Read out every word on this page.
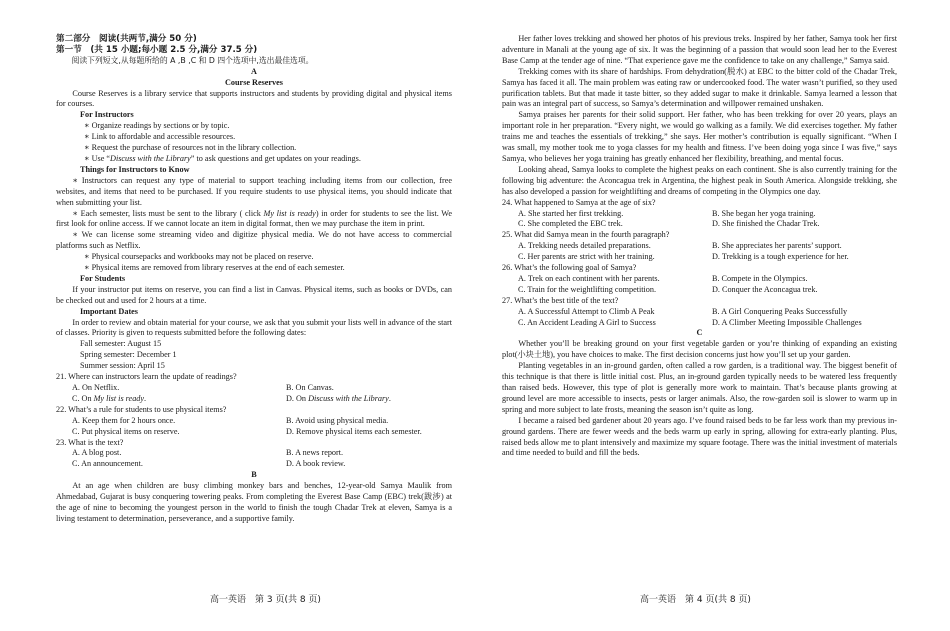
第二部分　阅读(共两节,满分 50 分)

第一节　(共 15 小题;每小题 2.5 分,满分 37.5 分)

阅读下列短文,从每题所给的 A ,B ,C 和 D 四个选项中,选出最佳选项。

A

Course Reserves

Course Reserves is a library service that supports instructors and students by providing digital and physical items for courses.

For Instructors

∗ Organize readings by sections or by topic.

∗ Link to affordable and accessible resources.

∗ Request the purchase of resources not in the library collection.

∗ Use “Discuss with the Library” to ask questions and get updates on your readings.

Things for Instructors to Know

∗ Instructors can request any type of material to support teaching including items from our collection, free websites, and items that need to be purchased. If you require students to use physical items, you should indicate that when submitting your list.

∗ Each semester, lists must be sent to the library ( click My list is ready) in order for students to see the list. We first look for online access. If we cannot locate an item in digital format, then we may purchase the item in print.

∗ We can license some streaming video and digitize physical media. We do not have access to commercial platforms such as Netflix.

∗ Physical coursepacks and workbooks may not be placed on reserve.

∗ Physical items are removed from library reserves at the end of each semester.

For Students

If your instructor put items on reserve, you can find a list in Canvas. Physical items, such as books or DVDs, can be checked out and used for 2 hours at a time.

Important Dates

In order to review and obtain material for your course, we ask that you submit your lists well in advance of the start of classes. Priority is given to requests submitted before the following dates:

Fall semester: August 15

Spring semester: December 1

Summer session: April 15

21. Where can instructors learn the update of readings?

A. On Netflix.	B. On Canvas.
C. On My list is ready.	D. On Discuss with the Library.

22. What’s a rule for students to use physical items?

A. Keep them for 2 hours once.	B. Avoid using physical media.
C. Put physical items on reserve.	D. Remove physical items each semester.

23. What is the text?

A. A blog post.	B. A news report.
C. An announcement.	D. A book review.

B

At an age when children are busy climbing monkey bars and benches, 12-year-old Samya Maulik from Ahmedabad, Gujarat is busy conquering towering peaks. From completing the Everest Base Camp (EBC) trek(跋涉) at the age of nine to becoming the youngest person in the world to finish the tough Chadar Trek at eleven, Samya is a living testament to determination, perseverance, and a supportive family.

Her father loves trekking and showed her photos of his previous treks. Inspired by her father, Samya took her first adventure in Manali at the young age of six. It was the beginning of a passion that would soon lead her to the Everest Base Camp at the tender age of nine. “That experience gave me the confidence to take on any challenge,” Samya said.

Trekking comes with its share of hardships. From dehydration(脱水) at EBC to the bitter cold of the Chadar Trek, Samya has faced it all. The main problem was eating raw or undercooked food. The water wasn’t purified, so they used purification tablets. But that made it taste bitter, so they added sugar to make it drinkable. Samya learned a lesson that pain was an integral part of success, so Samya’s determination and willpower remained unshaken.

Samya praises her parents for their solid support. Her father, who has been trekking for over 20 years, plays an important role in her preparation. “Every night, we would go walking as a family. We did exercises together. My father trains me and teaches the essentials of trekking,” she says. Her mother’s contribution is equally significant. “When I was small, my mother took me to yoga classes for my health and fitness. I’ve been doing yoga since I was five,” says Samya, who believes her yoga training has greatly enhanced her flexibility, breathing, and mental focus.

Looking ahead, Samya looks to complete the highest peaks on each continent. She is also currently training for the following big adventure: the Aconcagua trek in Argentina, the highest peak in South America. Alongside trekking, she has also developed a passion for weightlifting and dreams of competing in the Olympics one day.

24. What happened to Samya at the age of six?

A. She started her first trekking.	B. She began her yoga training.
C. She completed the EBC trek.	D. She finished the Chadar Trek.

25. What did Samya mean in the fourth paragraph?

A. Trekking needs detailed preparations.	B. She appreciates her parents’ support.
C. Her parents are strict with her training.	D. Trekking is a tough experience for her.

26. What’s the following goal of Samya?

A. Trek on each continent with her parents.	B. Compete in the Olympics.
C. Train for the weightlifting competition.	D. Conquer the Aconcagua trek.

27. What’s the best title of the text?

A. A Successful Attempt to Climb A Peak	B. A Girl Conquering Peaks Successfully
C. An Accident Leading A Girl to Success	D. A Climber Meeting Impossible Challenges

C

Whether you’ll be breaking ground on your first vegetable garden or you’re thinking of expanding an existing plot(小块土地), you have choices to make. The first decision concerns just how you’ll set up your garden.

Planting vegetables in an in-ground garden, often called a row garden, is a traditional way. The biggest benefit of this technique is that there is little initial cost. Plus, an in-ground garden typically needs to be watered less frequently than raised beds. However, this type of plot is generally more work to maintain. That’s because plants growing at ground level are more accessible to insects, pests or larger animals. Also, the row-garden soil is slower to warm up in spring and more subject to late frosts, meaning the season isn’t quite as long.

I became a raised bed gardener about 20 years ago. I’ve found raised beds to be far less work than my previous in-ground gardens. There are fewer weeds and the beds warm up early in spring, allowing for extra-early planting. Plus, raised beds allow me to plant intensively and maximize my square footage. There was the initial investment of materials and time needed to build and fill the beds.

高一英语　第 3 页(共 8 页)	高一英语　第 4 页(共 8 页)
